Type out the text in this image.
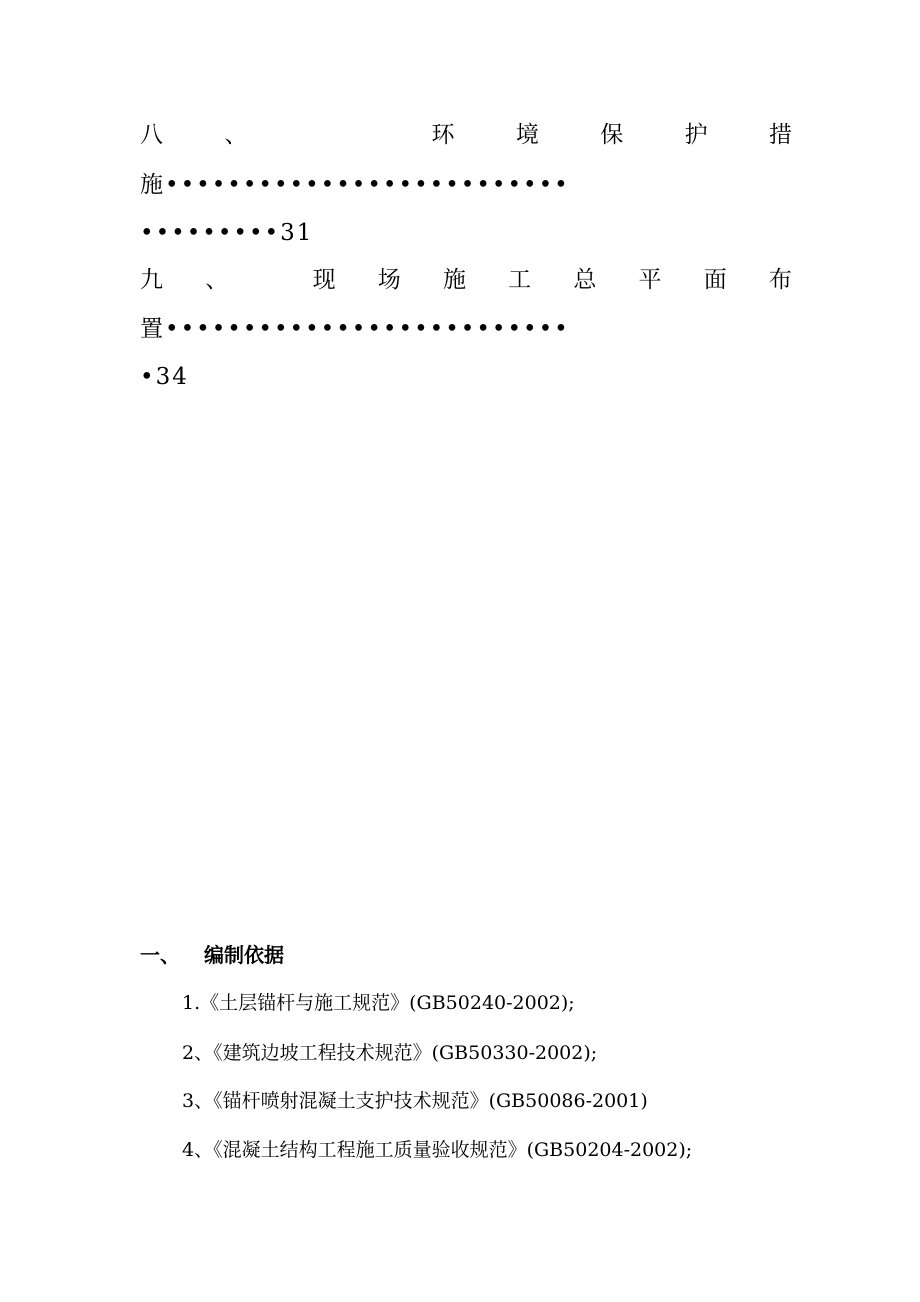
八	、	环	境	保	护	措
施••••••••••••••••••••••••••
•••••••••31
九 、	现 场 施 工 总 平 面 布
置••••••••••••••••••••••••••
•34
一、 编制依据
1.《土层锚杆与施工规范》(GB50240-2002);
2、《建筑边坡工程技术规范》(GB50330-2002);
3、《锚杆喷射混凝土支护技术规范》(GB50086-2001)
4、《混凝土结构工程施工质量验收规范》(GB50204-2002);
